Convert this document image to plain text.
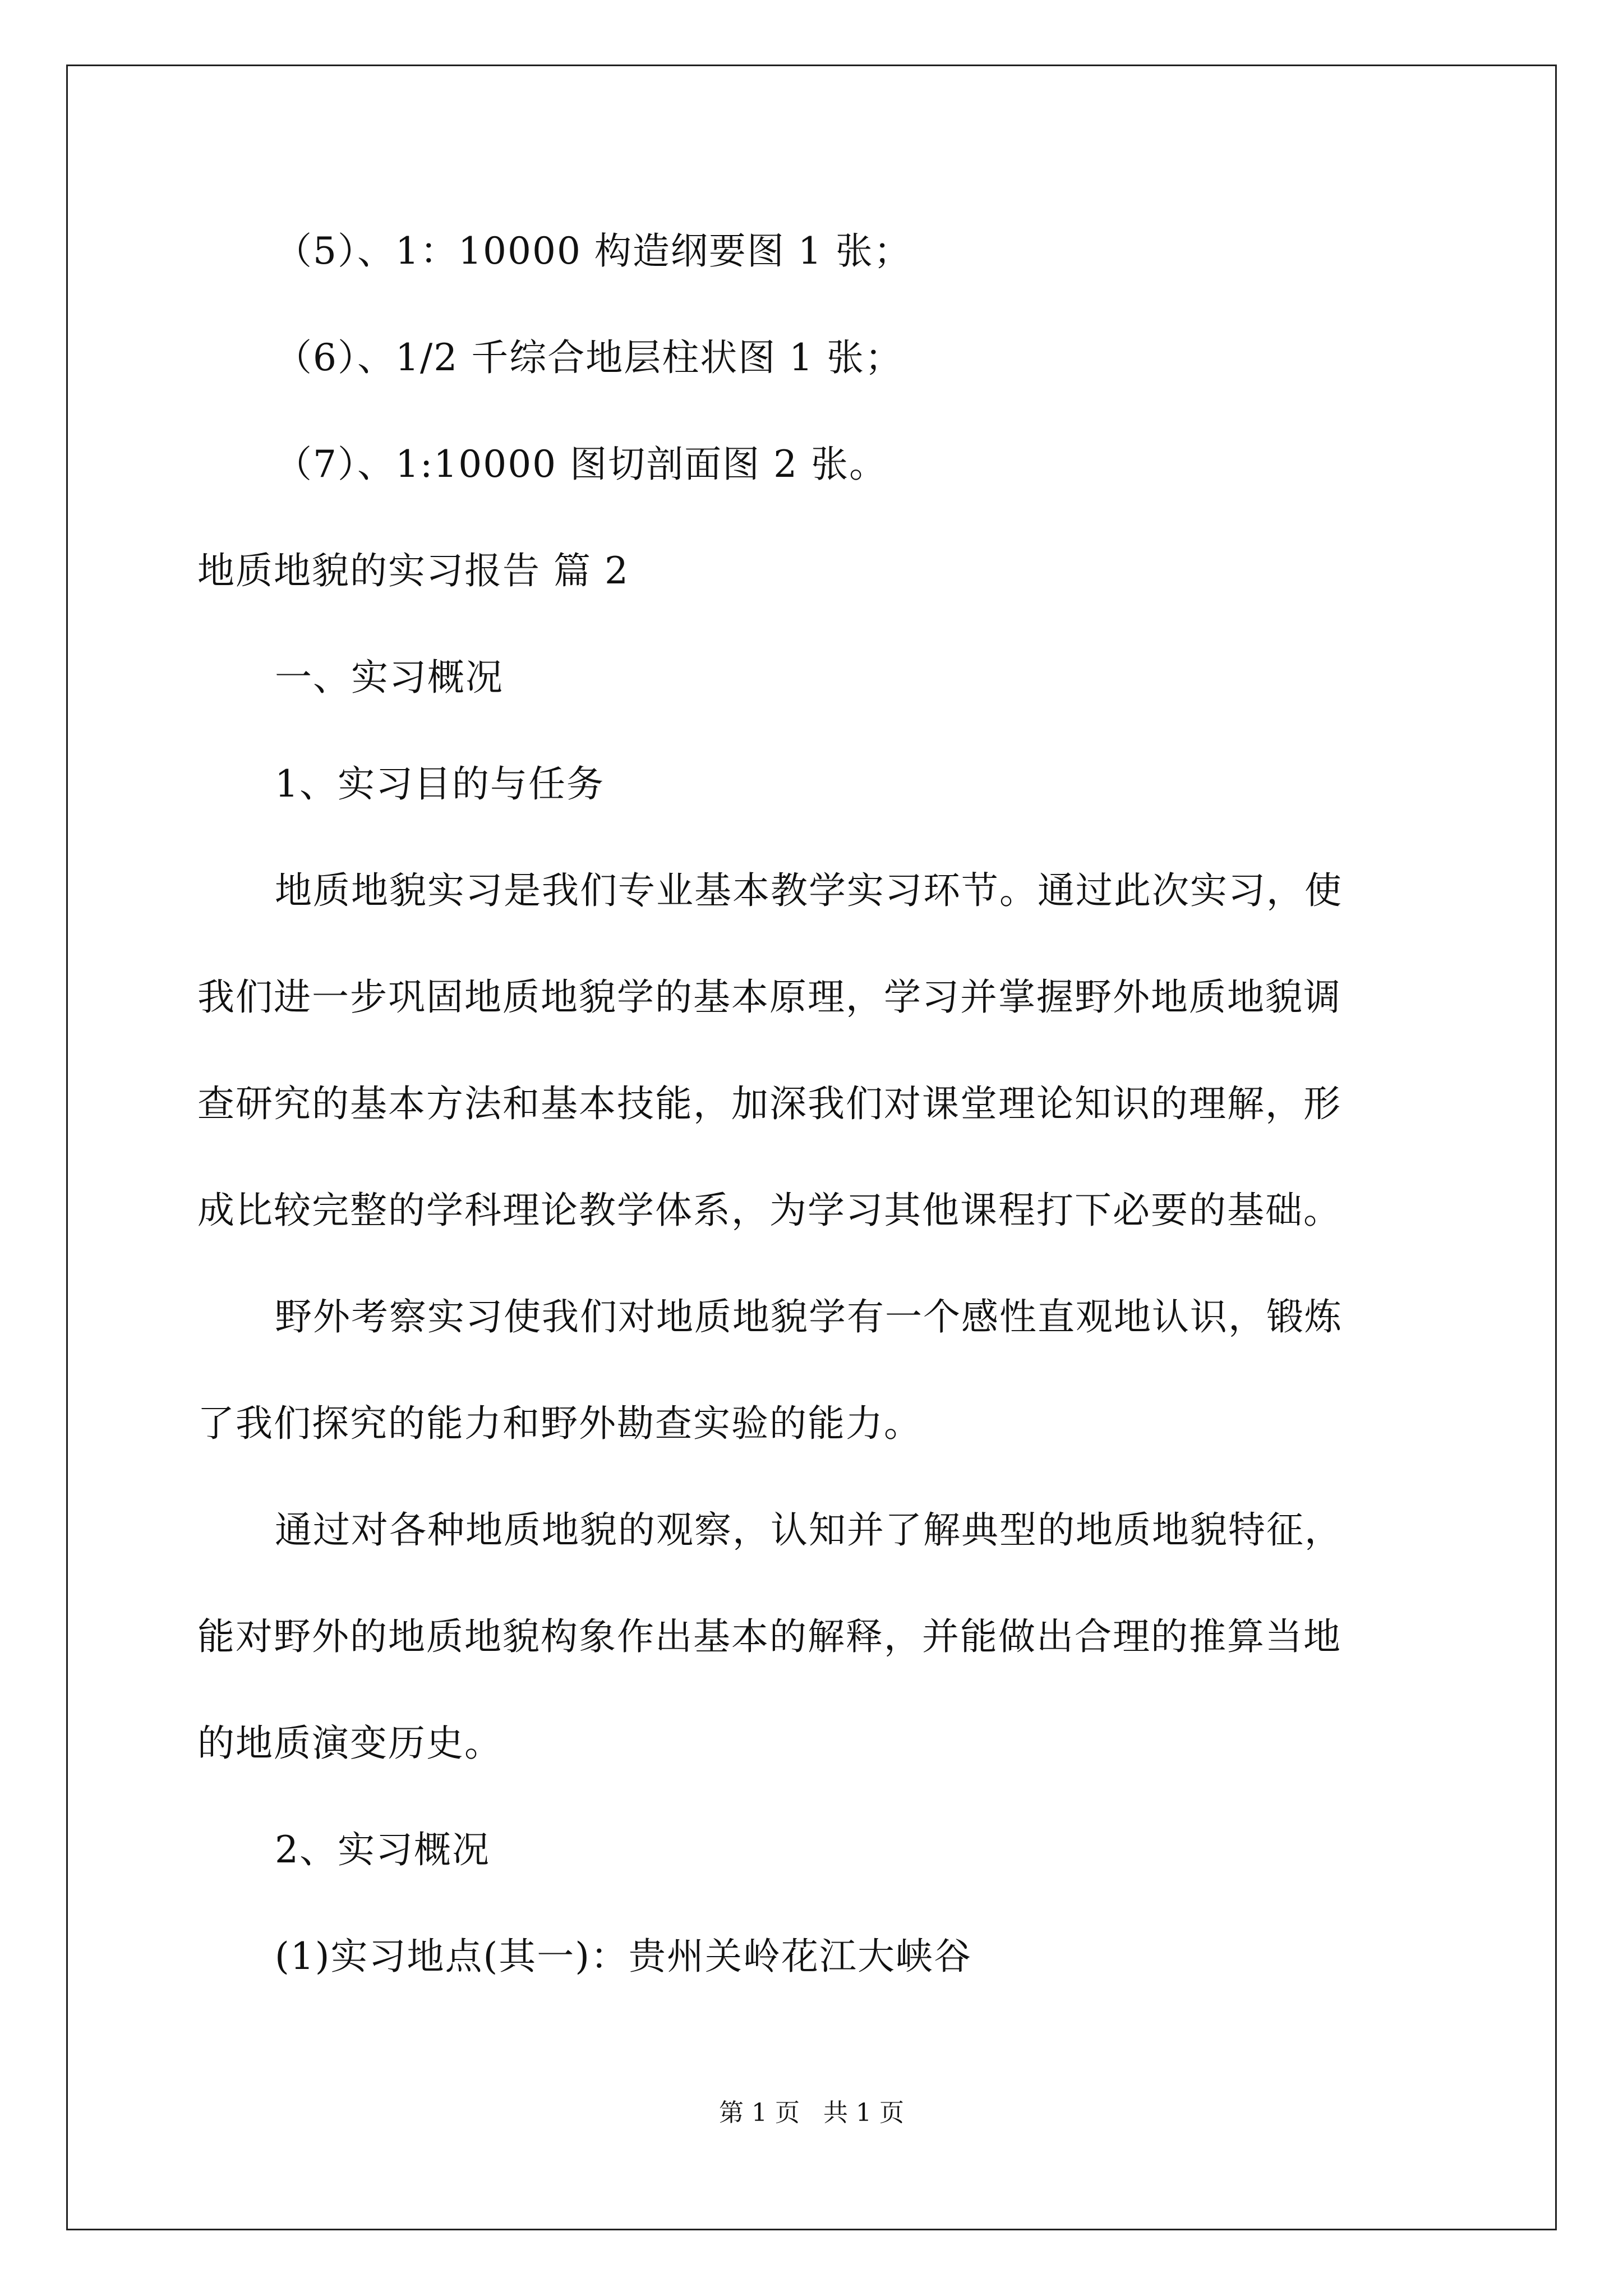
（5）、1：10000 构造纲要图 1 张；
（6）、1/2 千综合地层柱状图 1 张；
（7）、1:10000 图切剖面图 2 张。
地质地貌的实习报告 篇 2
一、实习概况
1、实习目的与任务
地质地貌实习是我们专业基本教学实习环节。通过此次实习，使
我们进一步巩固地质地貌学的基本原理，学习并掌握野外地质地貌调
查研究的基本方法和基本技能，加深我们对课堂理论知识的理解，形
成比较完整的学科理论教学体系，为学习其他课程打下必要的基础。
野外考察实习使我们对地质地貌学有一个感性直观地认识，锻炼
了我们探究的能力和野外勘查实验的能力。
通过对各种地质地貌的观察，认知并了解典型的地质地貌特征，
能对野外的地质地貌构象作出基本的解释，并能做出合理的推算当地
的地质演变历史。
2、实习概况
(1)实习地点(其一)：贵州关岭花江大峡谷
第 1 页   共 1 页
